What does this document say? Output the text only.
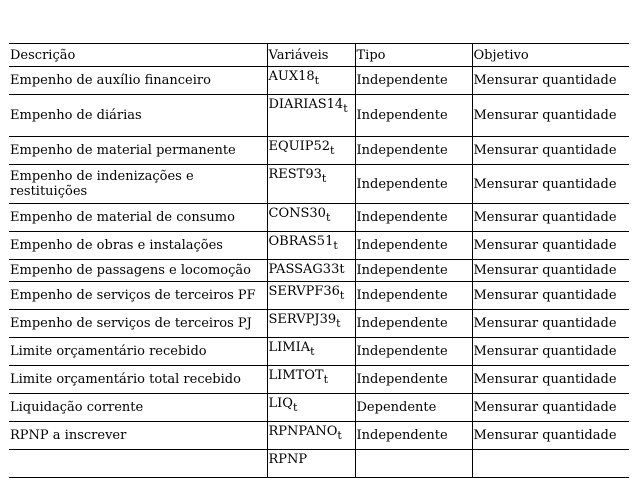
Descrição	Variáveis	Tipo	Objetivo
Empenho de auxílio financeiro	$AUX18_t$	Independente	Mensurar quantidade
Empenho de diárias	$DIARIAS14_t$	Independente	Mensurar quantidade
Empenho de material permanente	$EQUIP52_t$	Independente	Mensurar quantidade
Empenho de indenizações e restituições	$REST93_t$	Independente	Mensurar quantidade
Empenho de material de consumo	$CONS30_t$	Independente	Mensurar quantidade
Empenho de obras e instalações	$OBRAS51_t$	Independente	Mensurar quantidade
Empenho de passagens e locomoção	PASSAG33t	Independente	Mensurar quantidade
Empenho de serviços de terceiros PF	$SERVPF36_t$	Independente	Mensurar quantidade
Empenho de serviços de terceiros PJ	$SERVPJ39_t$	Independente	Mensurar quantidade
Limite orçamentário recebido	$LIMIA_t$	Independente	Mensurar quantidade
Limite orçamentário total recebido	$LIMTOT_t$	Independente	Mensurar quantidade
Liquidação corrente	$LIQ_t$	Dependente	Mensurar quantidade
RPNP a inscrever	$RPNPANO_t$	Independente	Mensurar quantidade
	RPNP		
